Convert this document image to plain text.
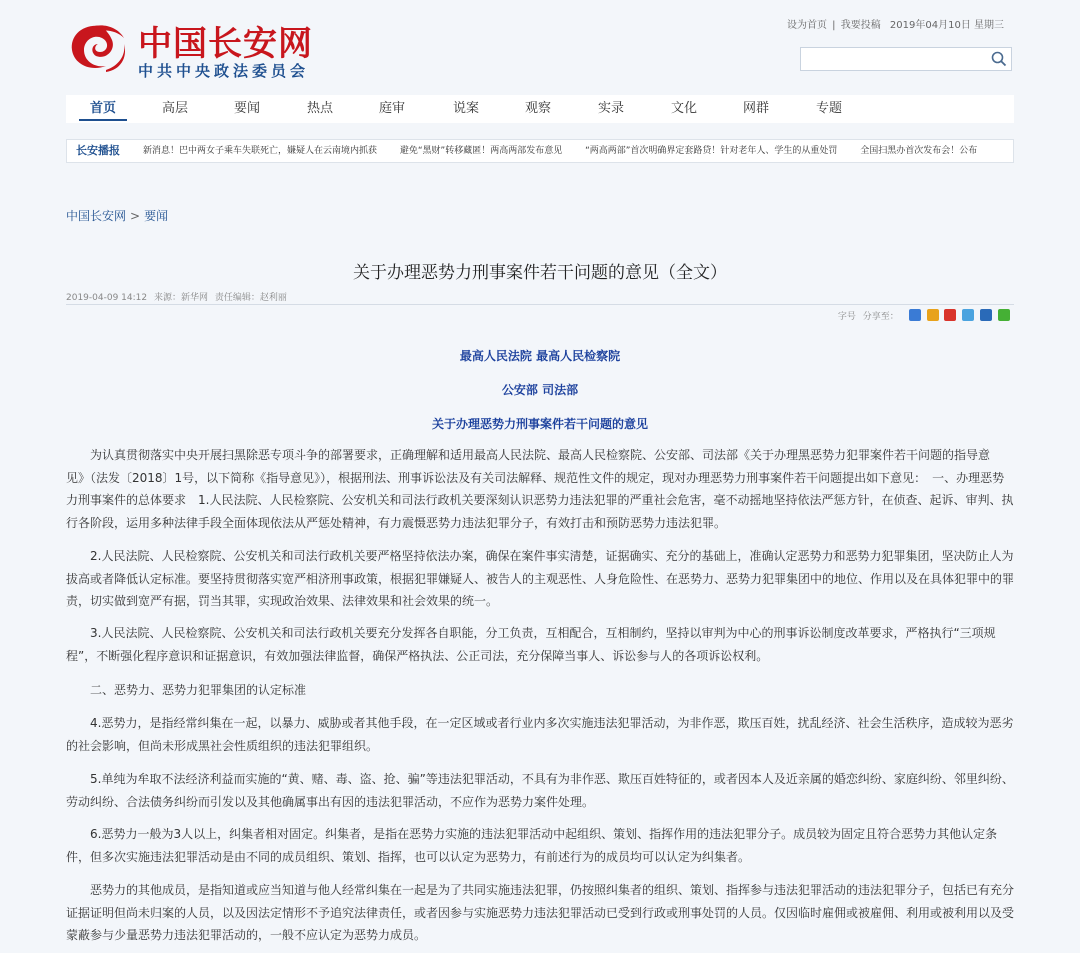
中国长安网
中共中央政法委员会
设为首页 | 我要投稿 2019年04月10日 星期三
首页	高层	要闻	热点	庭审	说案	观察	实录	文化	网群	专题
长安播报	新消息！巴中两女子乘车失联死亡，嫌疑人在云南境内抓获	避免“黑财”转移藏匿！两高两部发布意见	“两高两部”首次明确界定套路贷！针对老年人、学生的从重处罚	全国扫黑办首次发布会！公布
中国长安网 > 要闻
关于办理恶势力刑事案件若干问题的意见（全文）
2019-04-09 14:12 来源：新华网 责任编辑：赵利丽
字号 分享至：
最高人民法院 最高人民检察院
公安部 司法部
关于办理恶势力刑事案件若干问题的意见

为认真贯彻落实中央开展扫黑除恶专项斗争的部署要求，正确理解和适用最高人民法院、最高人民检察院、公安部、司法部《关于办理黑恶势力犯罪案件若干问题的指导意见》（法发〔2018〕1号，以下简称《指导意见》），根据刑法、刑事诉讼法及有关司法解释、规范性文件的规定，现对办理恶势力刑事案件若干问题提出如下意见：　一、办理恶势力刑事案件的总体要求　1.人民法院、人民检察院、公安机关和司法行政机关要深刻认识恶势力违法犯罪的严重社会危害，毫不动摇地坚持依法严惩方针，在侦查、起诉、审判、执行各阶段，运用多种法律手段全面体现依法从严惩处精神，有力震慑恶势力违法犯罪分子，有效打击和预防恶势力违法犯罪。

2.人民法院、人民检察院、公安机关和司法行政机关要严格坚持依法办案，确保在案件事实清楚，证据确实、充分的基础上，准确认定恶势力和恶势力犯罪集团，坚决防止人为拔高或者降低认定标准。要坚持贯彻落实宽严相济刑事政策，根据犯罪嫌疑人、被告人的主观恶性、人身危险性、在恶势力、恶势力犯罪集团中的地位、作用以及在具体犯罪中的罪责，切实做到宽严有据，罚当其罪，实现政治效果、法律效果和社会效果的统一。

3.人民法院、人民检察院、公安机关和司法行政机关要充分发挥各自职能，分工负责，互相配合，互相制约，坚持以审判为中心的刑事诉讼制度改革要求，严格执行“三项规程”，不断强化程序意识和证据意识，有效加强法律监督，确保严格执法、公正司法，充分保障当事人、诉讼参与人的各项诉讼权利。

二、恶势力、恶势力犯罪集团的认定标准

4.恶势力，是指经常纠集在一起，以暴力、威胁或者其他手段，在一定区域或者行业内多次实施违法犯罪活动，为非作恶，欺压百姓，扰乱经济、社会生活秩序，造成较为恶劣的社会影响，但尚未形成黑社会性质组织的违法犯罪组织。

5.单纯为牟取不法经济利益而实施的“黄、赌、毒、盗、抢、骗”等违法犯罪活动，不具有为非作恶、欺压百姓特征的，或者因本人及近亲属的婚恋纠纷、家庭纠纷、邻里纠纷、劳动纠纷、合法债务纠纷而引发以及其他确属事出有因的违法犯罪活动，不应作为恶势力案件处理。

6.恶势力一般为3人以上，纠集者相对固定。纠集者，是指在恶势力实施的违法犯罪活动中起组织、策划、指挥作用的违法犯罪分子。成员较为固定且符合恶势力其他认定条件，但多次实施违法犯罪活动是由不同的成员组织、策划、指挥，也可以认定为恶势力，有前述行为的成员均可以认定为纠集者。

恶势力的其他成员，是指知道或应当知道与他人经常纠集在一起是为了共同实施违法犯罪，仍按照纠集者的组织、策划、指挥参与违法犯罪活动的违法犯罪分子，包括已有充分证据证明但尚未归案的人员，以及因法定情形不予追究法律责任，或者因参与实施恶势力违法犯罪活动已受到行政或刑事处罚的人员。仅因临时雇佣或被雇佣、利用或被利用以及受蒙蔽参与少量恶势力违法犯罪活动的，一般不应认定为恶势力成员。
